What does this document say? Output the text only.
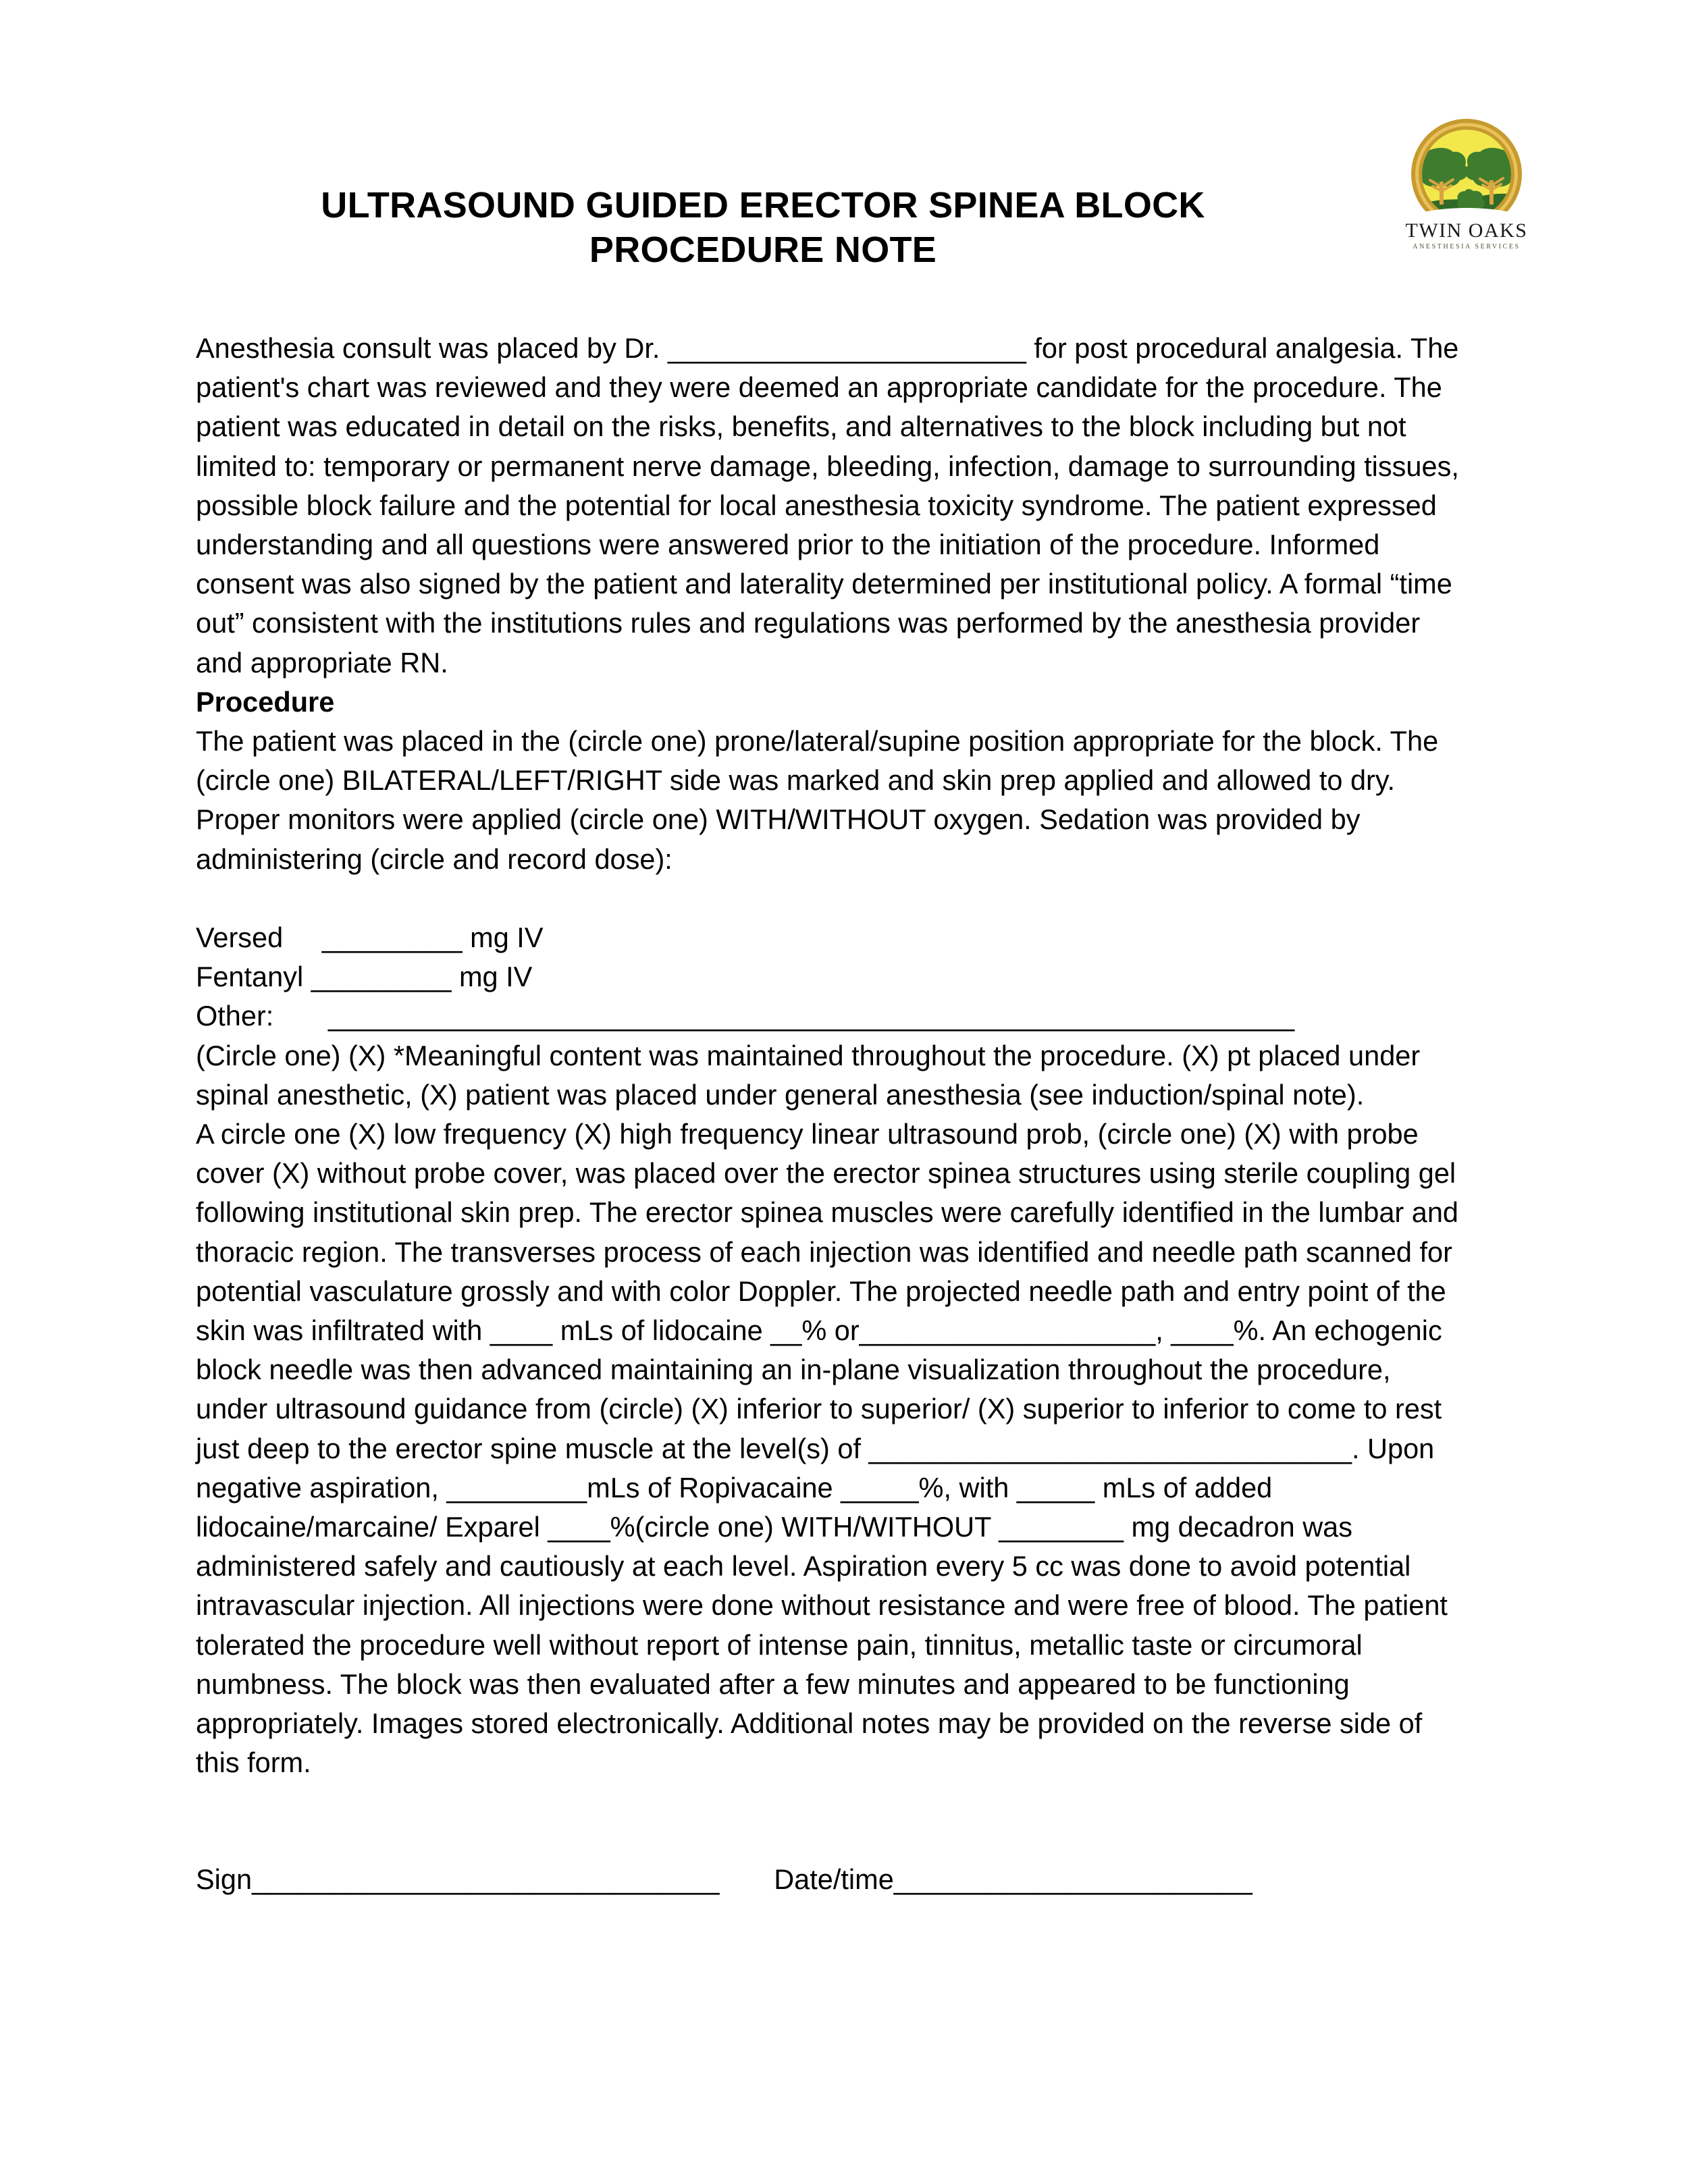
ULTRASOUND GUIDED ERECTOR SPINEA BLOCK
PROCEDURE NOTE	TWIN OAKS
ANESTHESIA SERVICES

Anesthesia consult was placed by Dr. _______________________ for post procedural analgesia. The patient's chart was reviewed and they were deemed an appropriate candidate for the procedure. The patient was educated in detail on the risks, benefits, and alternatives to the block including but not limited to: temporary or permanent nerve damage, bleeding, infection, damage to surrounding tissues, possible block failure and the potential for local anesthesia toxicity syndrome. The patient expressed understanding and all questions were answered prior to the initiation of the procedure. Informed consent was also signed by the patient and laterality determined per institutional policy. A formal “time out” consistent with the institutions rules and regulations was performed by the anesthesia provider and appropriate RN.

Procedure

The patient was placed in the (circle one) prone/lateral/supine position appropriate for the block. The (circle one) BILATERAL/LEFT/RIGHT side was marked and skin prep applied and allowed to dry. Proper monitors were applied (circle one) WITH/WITHOUT oxygen. Sedation was provided by administering (circle and record dose):

Versed _________ mg IV

Fentanyl _________ mg IV

Other: ______________________________________________________________

(Circle one) (X) *Meaningful content was maintained throughout the procedure. (X) pt placed under spinal anesthetic, (X) patient was placed under general anesthesia (see induction/spinal note).

A circle one (X) low frequency (X) high frequency linear ultrasound prob, (circle one) (X) with probe cover (X) without probe cover, was placed over the erector spinea structures using sterile coupling gel following institutional skin prep. The erector spinea muscles were carefully identified in the lumbar and thoracic region. The transverses process of each injection was identified and needle path scanned for potential vasculature grossly and with color Doppler. The projected needle path and entry point of the skin was infiltrated with ____ mLs of lidocaine __% or___________________, ____%. An echogenic block needle was then advanced maintaining an in-plane visualization throughout the procedure, under ultrasound guidance from (circle) (X) inferior to superior/ (X) superior to inferior to come to rest just deep to the erector spine muscle at the level(s) of _______________________________. Upon negative aspiration, _________mLs of Ropivacaine _____%, with _____ mLs of added lidocaine/marcaine/ Exparel ____%(circle one) WITH/WITHOUT ________ mg decadron was administered safely and cautiously at each level. Aspiration every 5 cc was done to avoid potential intravascular injection. All injections were done without resistance and were free of blood. The patient tolerated the procedure well without report of intense pain, tinnitus, metallic taste or circumoral numbness. The block was then evaluated after a few minutes and appeared to be functioning appropriately. Images stored electronically. Additional notes may be provided on the reverse side of this form.

Sign______________________________ Date/time_______________________
